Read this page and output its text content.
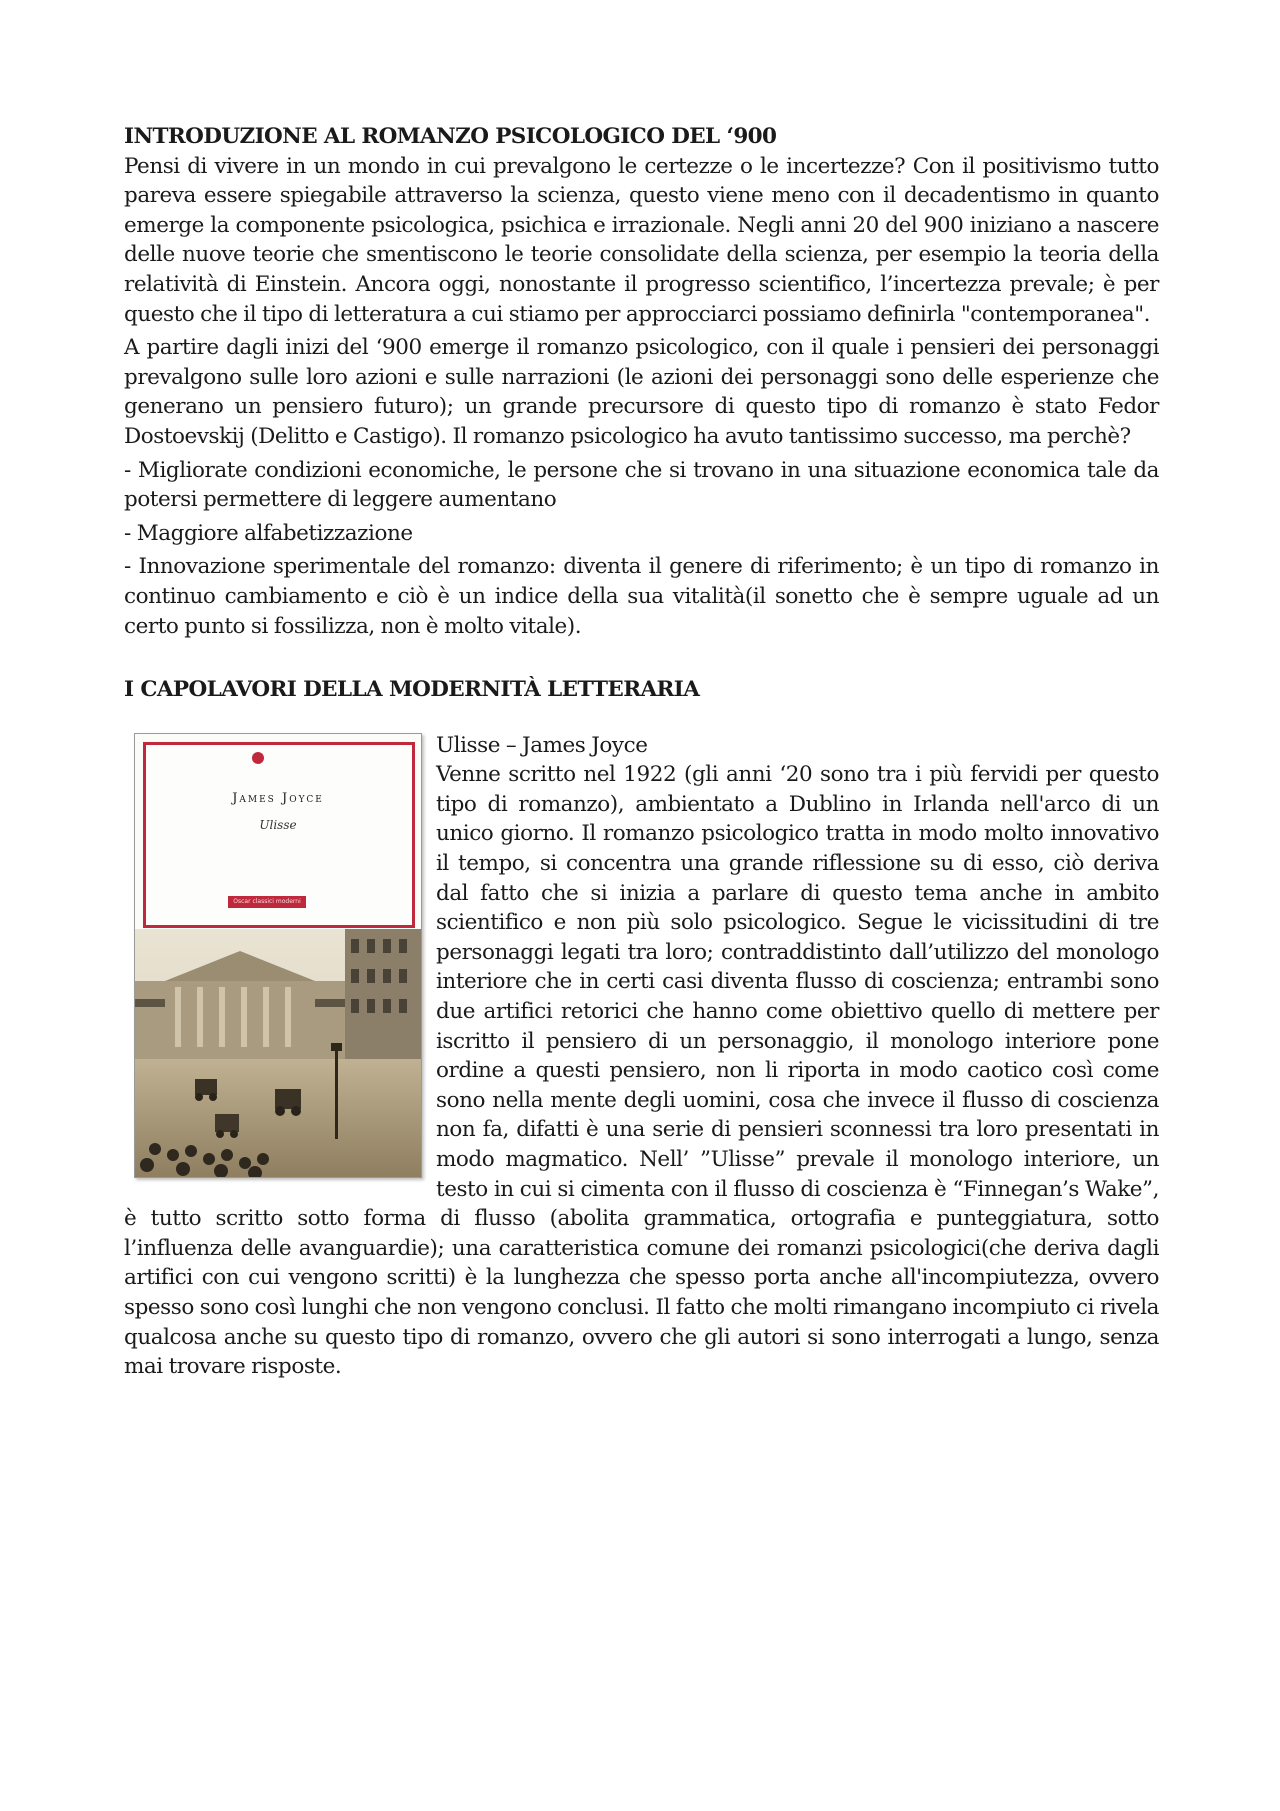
INTRODUZIONE AL ROMANZO PSICOLOGICO DEL ‘900

Pensi di vivere in un mondo in cui prevalgono le certezze o le incertezze? Con il positivismo tutto pareva essere spiegabile attraverso la scienza, questo viene meno con il decadentismo in quanto emerge la componente psicologica, psichica e irrazionale. Negli anni 20 del 900 iniziano a nascere delle nuove teorie che smentiscono le teorie consolidate della scienza, per esempio la teoria della relatività di Einstein. Ancora oggi, nonostante il progresso scientifico, l’incertezza prevale; è per questo che il tipo di letteratura a cui stiamo per approcciarci possiamo definirla "contemporanea".

A partire dagli inizi del ‘900 emerge il romanzo psicologico, con il quale i pensieri dei personaggi prevalgono sulle loro azioni e sulle narrazioni (le azioni dei personaggi sono delle esperienze che generano un pensiero futuro); un grande precursore di questo tipo di romanzo è stato Fedor Dostoevskij (Delitto e Castigo). Il romanzo psicologico ha avuto tantissimo successo, ma perchè?

- Migliorate condizioni economiche, le persone che si trovano in una situazione economica tale da potersi permettere di leggere aumentano

- Maggiore alfabetizzazione

- Innovazione sperimentale del romanzo: diventa il genere di riferimento; è un tipo di romanzo in continuo cambiamento e ciò è un indice della sua vitalità(il sonetto che è sempre uguale ad un certo punto si fossilizza, non è molto vitale).

I CAPOLAVORI DELLA MODERNITÀ LETTERARIA
James Joyce
Ulisse
Oscar classici moderni

Ulisse – James Joyce

Venne scritto nel 1922 (gli anni ‘20 sono tra i più fervidi per questo tipo di romanzo), ambientato a Dublino in Irlanda nell'arco di un unico giorno. Il romanzo psicologico tratta in modo molto innovativo il tempo, si concentra una grande riflessione su di esso, ciò deriva dal fatto che si inizia a parlare di questo tema anche in ambito scientifico e non più solo psicologico. Segue le vicissitudini di tre personaggi legati tra loro; contraddistinto dall’utilizzo del monologo interiore che in certi casi diventa flusso di coscienza; entrambi sono due artifici retorici che hanno come obiettivo quello di mettere per iscritto il pensiero di un personaggio, il monologo interiore pone ordine a questi pensiero, non li riporta in modo caotico così come sono nella mente degli uomini, cosa che invece il flusso di coscienza non fa, difatti è una serie di pensieri sconnessi tra loro presentati in modo magmatico. Nell’ ”Ulisse” prevale il monologo interiore, un testo in cui si cimenta con il flusso di coscienza è “Finnegan’s Wake”, è tutto scritto sotto forma di flusso (abolita grammatica, ortografia e punteggiatura, sotto l’influenza delle avanguardie); una caratteristica comune dei romanzi psicologici(che deriva dagli artifici con cui vengono scritti) è la lunghezza che spesso porta anche all'incompiutezza, ovvero spesso sono così lunghi che non vengono conclusi. Il fatto che molti rimangano incompiuto ci rivela qualcosa anche su questo tipo di romanzo, ovvero che gli autori si sono interrogati a lungo, senza mai trovare risposte.
